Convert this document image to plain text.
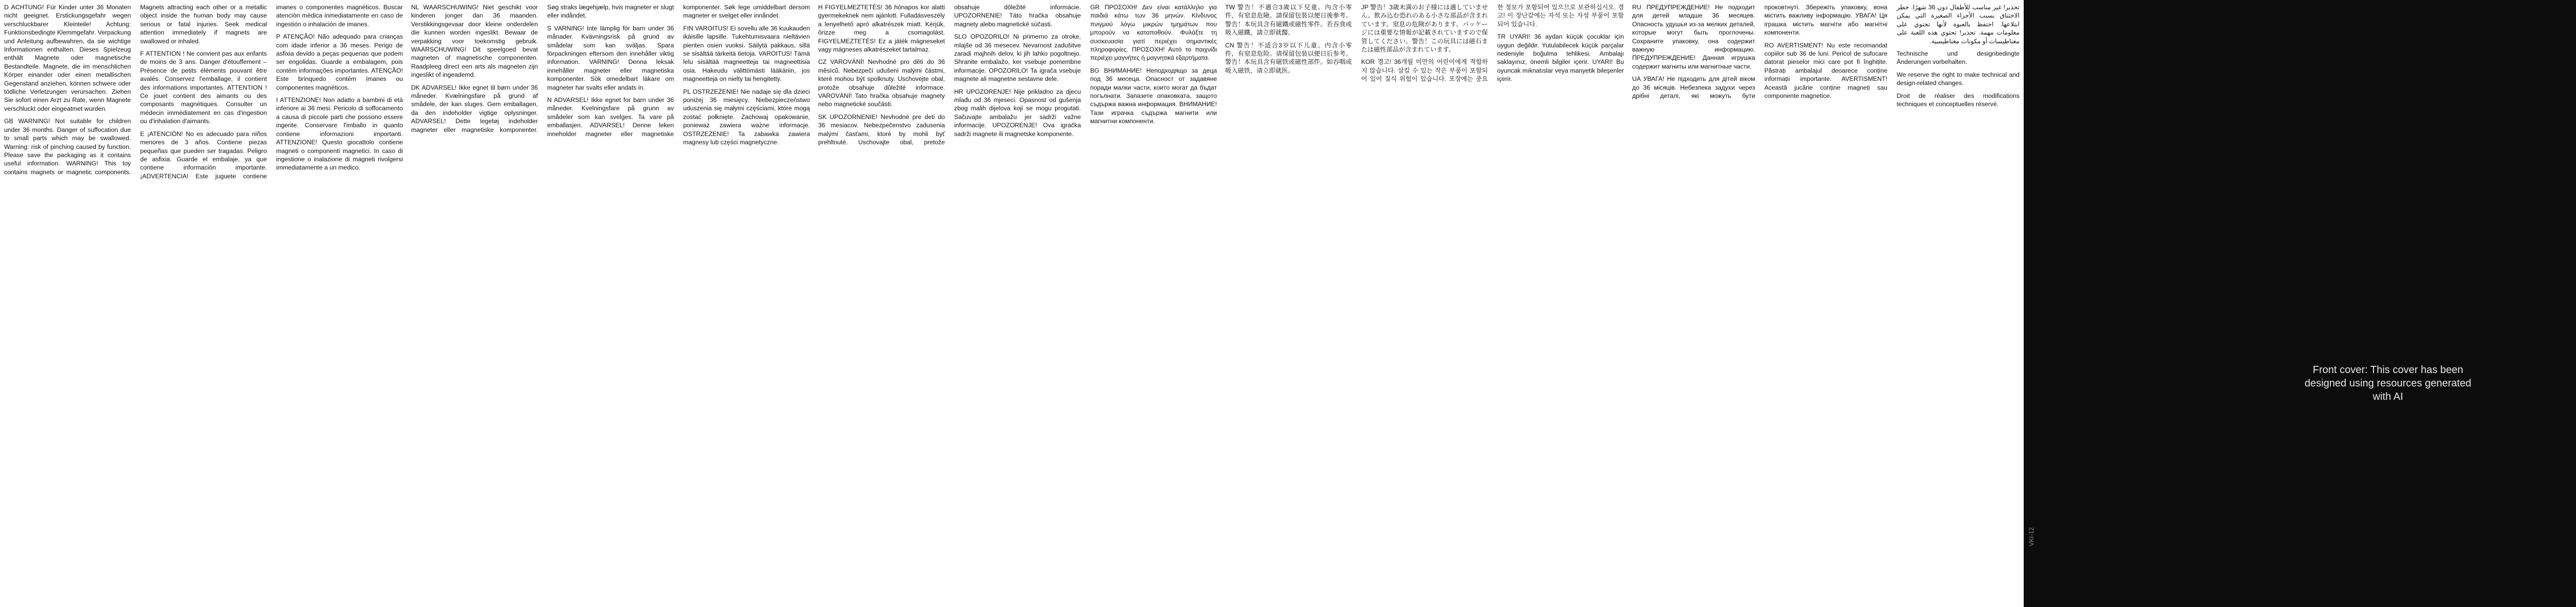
D ACHTUNG! Für Kinder unter 36 Monaten nicht geeignet. Erstickungsgefahr wegen verschluckbarer Kleinteile! Achtung: Funktionsbedingte Klemmgefahr. Verpackung und Anleitung aufbewahren, da sie wichtige Informationen enthalten. Dieses Spielzeug enthält Magnete oder magnetische Bestandteile. Magnete, die im menschlichen Körper einander oder einen metallischen Gegenstand anziehen, können schwere oder tödliche Verletzungen verursachen. Ziehen Sie sofort einen Arzt zu Rate, wenn Magnete verschluckt oder eingeatmet wurden.

GB WARNING! Not suitable for children under 36 months. Danger of suffocation due to small parts which may be swallowed. Warning: risk of pinching caused by function. Please save the packaging as it contains useful information. WARNING! This toy contains magnets or magnetic components. Magnets attracting each other or a metallic object inside the human body may cause serious or fatal injuries. Seek medical attention immediately if magnets are swallowed or inhaled.

F ATTENTION ! Ne convient pas aux enfants de moins de 3 ans. Danger d'étouffement – Présence de petits éléments pouvant être avalés. Conservez l'emballage, il contient des informations importantes. ATTENTION ! Ce jouet contient des aimants ou des composants magnétiques. Consulter un médecin immédiatement en cas d'ingestion ou d'inhalation d'aimants.

E ¡ATENCIÓN! No es adecuado para niños menores de 3 años. Contiene piezas pequeñas que pueden ser tragadas. Peligro de asfixia. Guarde el embalaje, ya que contiene información importante. ¡ADVERTENCIA! Este juguete contiene imanes o componentes magnéticos. Buscar atención médica inmediatamente en caso de ingestión o inhalación de imanes.

P ATENÇÃO! Não adequado para crianças com idade inferior a 36 meses. Perigo de asfixia devido a peças pequenas que podem ser engolidas. Guarde a embalagem, pois contém informações importantes. ATENÇÃO! Este brinquedo contém ímanes ou componentes magnéticos.

I ATTENZIONE! Non adatto a bambini di età inferiore ai 36 mesi. Pericolo di soffocamento a causa di piccole parti che possono essere ingerite. Conservare l'imballo in quanto contiene informazioni importanti. ATTENZIONE! Questo giocattolo contiene magneti o componenti magnetici. In caso di ingestione o inalazione di magneti rivolgersi immediatamente a un medico.

NL WAARSCHUWING! Niet geschikt voor kinderen jonger dan 36 maanden. Verstikkingsgevaar door kleine onderdelen die kunnen worden ingeslikt. Bewaar de verpakking voor toekomstig gebruik. WAARSCHUWING! Dit speelgoed bevat magneten of magnetische componenten. Raadpleeg direct een arts als magneten zijn ingeslikt of ingeademd.

DK ADVARSEL! Ikke egnet til børn under 36 måneder. Kvælningsfare på grund af smådele, der kan sluges. Gem emballagen, da den indeholder vigtige oplysninger. ADVARSEL! Dette legetøj indeholder magneter eller magnetiske komponenter. Søg straks lægehjælp, hvis magneter er slugt eller indåndet.

S VARNING! Inte lämplig för barn under 36 månader. Kvävningsrisk på grund av smådelar som kan sväljas. Spara förpackningen eftersom den innehåller viktig information. VARNING! Denna leksak innehåller magneter eller magnetiska komponenter. Sök omedelbart läkare om magneter har svalts eller andats in.

N ADVARSEL! Ikke egnet for barn under 36 måneder. Kvelningsfare på grunn av smådeler som kan svelges. Ta vare på emballasjen. ADVARSEL! Denne leken inneholder magneter eller magnetiske komponenter. Søk lege umiddelbart dersom magneter er svelget eller innåndet.

FIN VAROITUS! Ei sovellu alle 36 kuukauden ikäisille lapsille. Tukehtumisvaara nieltävien pienten osien vuoksi. Säilytä pakkaus, sillä se sisältää tärkeitä tietoja. VAROITUS! Tämä lelu sisältää magneetteja tai magneettisia osia. Hakeudu välittömästi lääkäriin, jos magneetteja on nielty tai hengitetty.

PL OSTRZEŻENIE! Nie nadaje się dla dzieci poniżej 36 miesięcy. Niebezpieczeństwo uduszenia się małymi częściami, które mogą zostać połknięte. Zachowaj opakowanie, ponieważ zawiera ważne informacje. OSTRZEŻENIE! Ta zabawka zawiera magnesy lub części magnetyczne.

H FIGYELMEZTETÉS! 36 hónapos kor alatti gyermekeknek nem ajánlott. Fulladásveszély a lenyelhető apró alkatrészek miatt. Kérjük, őrizze meg a csomagolást. FIGYELMEZTETÉS! Ez a játék mágneseket vagy mágneses alkatrészeket tartalmaz.

CZ VAROVÁNÍ! Nevhodné pro děti do 36 měsíců. Nebezpečí udušení malými částmi, které mohou být spolknuty. Uschovejte obal, protože obsahuje důležité informace. VAROVÁNÍ! Tato hračka obsahuje magnety nebo magnetické součásti.

SK UPOZORNENIE! Nevhodné pre deti do 36 mesiacov. Nebezpečenstvo zadusenia malými časťami, ktoré by mohli byť prehltnuté. Uschovajte obal, pretože obsahuje dôležité informácie. UPOZORNENIE! Táto hračka obsahuje magnety alebo magnetické súčasti.

SLO OPOZORILO! Ni primerno za otroke, mlajše od 36 mesecev. Nevarnost zadušitve zaradi majhnih delov, ki jih lahko pogoltnejo. Shranite embalažo, ker vsebuje pomembne informacije. OPOZORILO! Ta igrača vsebuje magnete ali magnetne sestavne dele.

HR UPOZORENJE! Nije prikladno za djecu mlađu od 36 mjeseci. Opasnost od gušenja zbog malih dijelova koji se mogu progutati. Sačuvajte ambalažu jer sadrži važne informacije. UPOZORENJE! Ova igračka sadrži magnete ili magnetske komponente.

GR ΠΡΟΣΟΧΗ! Δεν είναι κατάλληλο για παιδιά κάτω των 36 μηνών. Κίνδυνος πνιγμού λόγω μικρών τμημάτων που μπορούν να καταποθούν. Φυλάξτε τη συσκευασία γιατί περιέχει σημαντικές πληροφορίες. ΠΡΟΣΟΧΗ! Αυτό το παιχνίδι περιέχει μαγνήτες ή μαγνητικά εξαρτήματα.

BG ВНИМАНИЕ! Неподходящо за деца под 36 месеца. Опасност от задавяне поради малки части, които могат да бъдат погълнати. Запазете опаковката, защото съдържа важна информация. ВНИМАНИЕ! Тази играчка съдържа магнити или магнитни компоненти.

TW 警告！不適合3歲以下兒童。內含小零件，有窒息危險。請保留包裝以便日後參考。警告！本玩具含有磁鐵或磁性零件。若吞食或吸入磁鐵，請立即就醫。

CN 警告！不适合3岁以下儿童。内含小零件，有窒息危险。请保留包装以便日后参考。警告！本玩具含有磁铁或磁性部件。如吞咽或吸入磁铁，请立即就医。

JP 警告！3歳未満のお子様には適していません。飲み込む恐れのある小さな部品が含まれています。窒息の危険があります。パッケージには重要な情報が記載されていますので保管してください。警告！この玩具には磁石または磁性部品が含まれています。

KOR 경고! 36개월 미만의 어린이에게 적합하지 않습니다. 삼킬 수 있는 작은 부품이 포함되어 있어 질식 위험이 있습니다. 포장에는 중요한 정보가 포함되어 있으므로 보관하십시오. 경고! 이 장난감에는 자석 또는 자성 부품이 포함되어 있습니다.

TR UYARI! 36 aydan küçük çocuklar için uygun değildir. Yutulabilecek küçük parçalar nedeniyle boğulma tehlikesi. Ambalajı saklayınız, önemli bilgiler içerir. UYARI! Bu oyuncak mıknatıslar veya manyetik bileşenler içerir.

RU ПРЕДУПРЕЖДЕНИЕ! Не подходит для детей младше 36 месяцев. Опасность удушья из-за мелких деталей, которые могут быть проглочены. Сохраните упаковку, она содержит важную информацию. ПРЕДУПРЕЖДЕНИЕ! Данная игрушка содержит магниты или магнитные части.

UA УВАГА! Не підходить для дітей віком до 36 місяців. Небезпека задухи через дрібні деталі, які можуть бути проковтнуті. Збережіть упаковку, вона містить важливу інформацію. УВАГА! Ця іграшка містить магніти або магнітні компоненти.

RO AVERTISMENT! Nu este recomandat copiilor sub 36 de luni. Pericol de sufocare datorat pieselor mici care pot fi înghițite. Păstrați ambalajul deoarece conține informații importante. AVERTISMENT! Această jucărie conține magneți sau componente magnetice.

تحذير! غير مناسب للأطفال دون 36 شهرًا. خطر الاختناق بسبب الأجزاء الصغيرة التي يمكن ابتلاعها. احتفظ بالعبوة لأنها تحتوي على معلومات مهمة. تحذير! تحتوي هذه اللعبة على مغناطيسات أو مكونات مغناطيسية.

Technische und designbedingte Änderungen vorbehalten.

We reserve the right to make technical and design-related changes.

Droit de réaliser des modifications techniques et conceptuelles réservé.

Front cover: This cover has been designed using resources generated with AI
VKI-12
